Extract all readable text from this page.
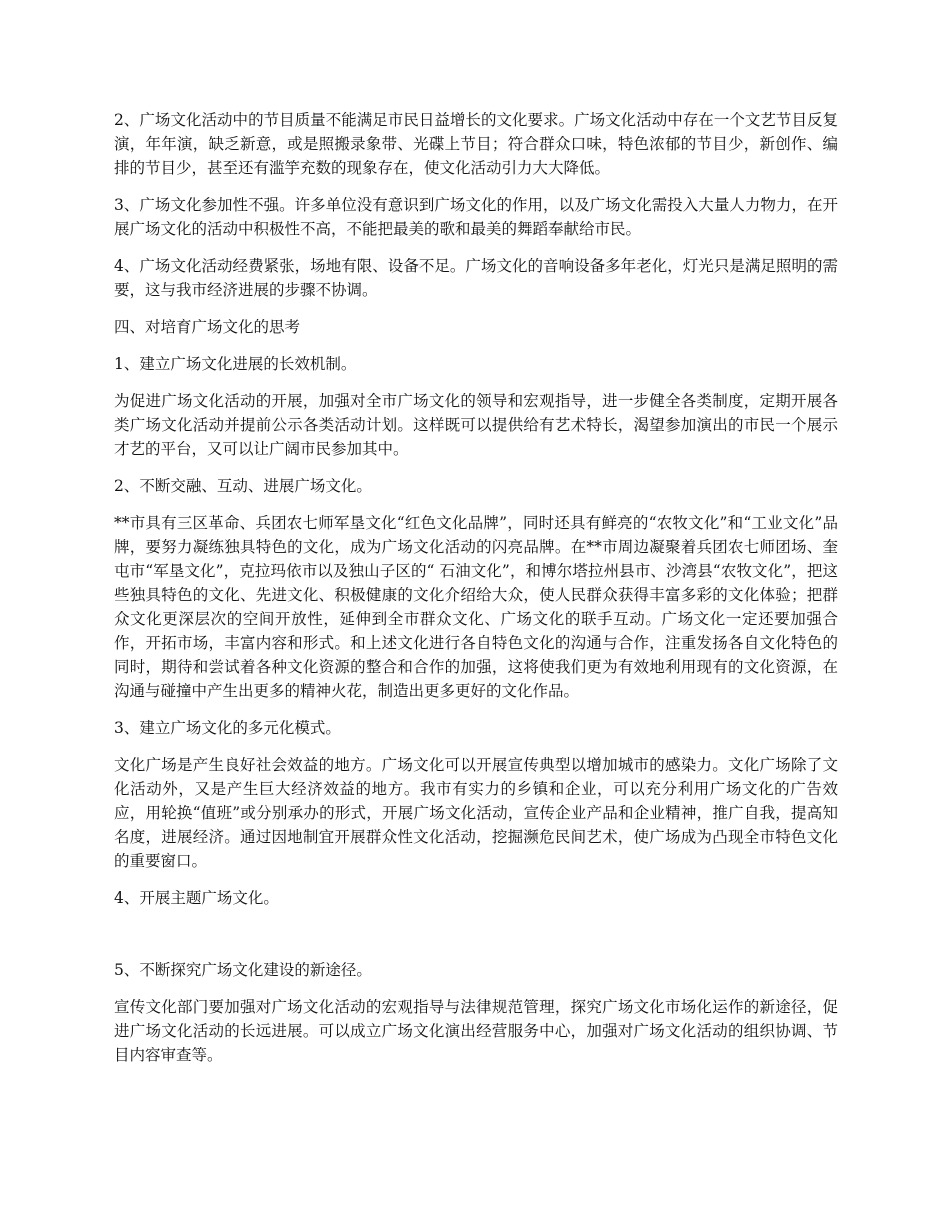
2、广场文化活动中的节目质量不能满足市民日益增长的文化要求。广场文化活动中存在一个文艺节目反复演，年年演，缺乏新意，或是照搬录象带、光碟上节目；符合群众口味，特色浓郁的节目少，新创作、编排的节目少，甚至还有滥竽充数的现象存在，使文化活动引力大大降低。

3、广场文化参加性不强。许多单位没有意识到广场文化的作用，以及广场文化需投入大量人力物力，在开展广场文化的活动中积极性不高，不能把最美的歌和最美的舞蹈奉献给市民。

4、广场文化活动经费紧张，场地有限、设备不足。广场文化的音响设备多年老化，灯光只是满足照明的需要，这与我市经济进展的步骤不协调。

四、对培育广场文化的思考

1、建立广场文化进展的长效机制。

为促进广场文化活动的开展，加强对全市广场文化的领导和宏观指导，进一步健全各类制度，定期开展各类广场文化活动并提前公示各类活动计划。这样既可以提供给有艺术特长，渴望参加演出的市民一个展示才艺的平台，又可以让广阔市民参加其中。

2、不断交融、互动、进展广场文化。

**市具有三区革命、兵团农七师军垦文化“红色文化品牌”，同时还具有鲜亮的“农牧文化”和“工业文化”品牌，要努力凝练独具特色的文化，成为广场文化活动的闪亮品牌。在**市周边凝聚着兵团农七师团场、奎屯市“军垦文化”，克拉玛依市以及独山子区的“ 石油文化”，和博尔塔拉州县市、沙湾县“农牧文化”，把这些独具特色的文化、先进文化、积极健康的文化介绍给大众，使人民群众获得丰富多彩的文化体验；把群众文化更深层次的空间开放性，延伸到全市群众文化、广场文化的联手互动。广场文化一定还要加强合作，开拓市场，丰富内容和形式。和上述文化进行各自特色文化的沟通与合作，注重发扬各自文化特色的同时，期待和尝试着各种文化资源的整合和合作的加强，这将使我们更为有效地利用现有的文化资源，在沟通与碰撞中产生出更多的精神火花，制造出更多更好的文化作品。

3、建立广场文化的多元化模式。

文化广场是产生良好社会效益的地方。广场文化可以开展宣传典型以增加城市的感染力。文化广场除了文化活动外，又是产生巨大经济效益的地方。我市有实力的乡镇和企业，可以充分利用广场文化的广告效应，用轮换“值班”或分别承办的形式，开展广场文化活动，宣传企业产品和企业精神，推广自我，提高知名度，进展经济。通过因地制宜开展群众性文化活动，挖掘濒危民间艺术，使广场成为凸现全市特色文化的重要窗口。

4、开展主题广场文化。

5、不断探究广场文化建设的新途径。

宣传文化部门要加强对广场文化活动的宏观指导与法律规范管理，探究广场文化市场化运作的新途径，促进广场文化活动的长远进展。可以成立广场文化演出经营服务中心，加强对广场文化活动的组织协调、节目内容审查等。
